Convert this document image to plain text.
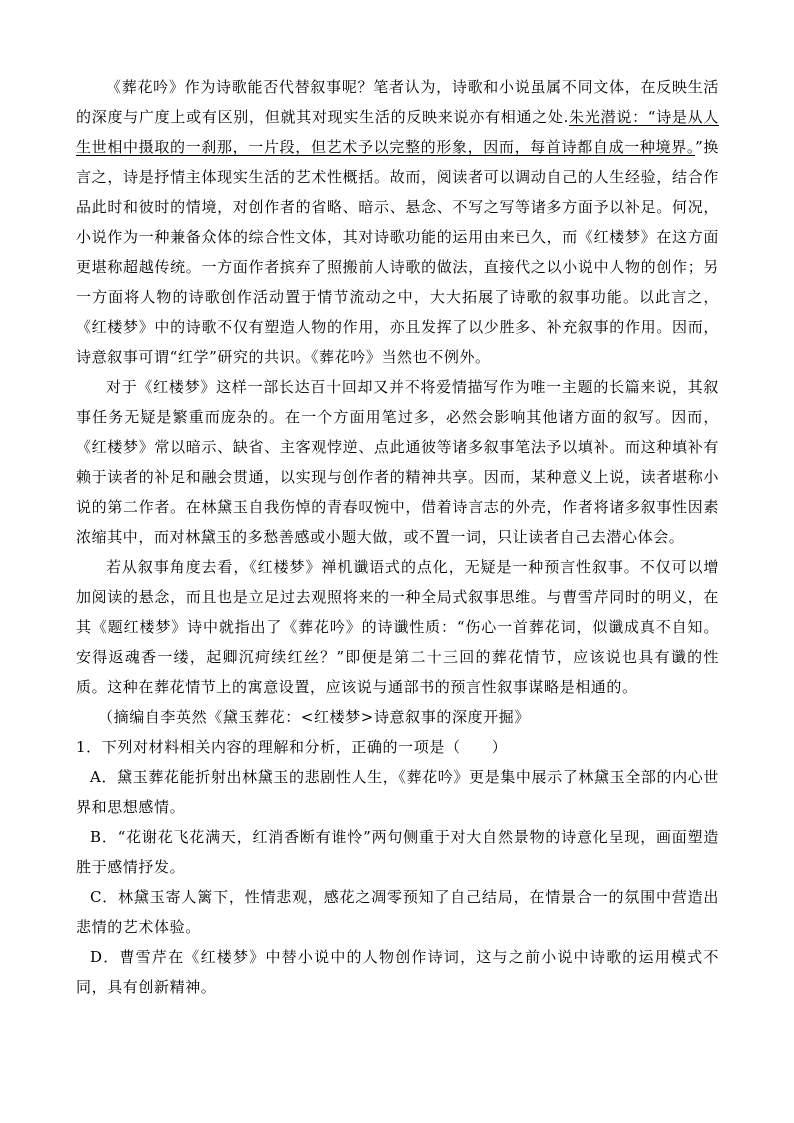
《葬花吟》作为诗歌能否代替叙事呢？笔者认为，诗歌和小说虽属不同文体，在反映生活的深度与广度上或有区别，但就其对现实生活的反映来说亦有相通之处.朱光潜说：“诗是从人生世相中摄取的一刹那，一片段，但艺术予以完整的形象，因而，每首诗都自成一种境界。”换言之，诗是抒情主体现实生活的艺术性概括。故而，阅读者可以调动自己的人生经验，结合作品此时和彼时的情境，对创作者的省略、暗示、悬念、不写之写等诸多方面予以补足。何况，小说作为一种兼备众体的综合性文体，其对诗歌功能的运用由来已久，而《红楼梦》在这方面更堪称超越传统。一方面作者摈弃了照搬前人诗歌的做法，直接代之以小说中人物的创作；另一方面将人物的诗歌创作活动置于情节流动之中，大大拓展了诗歌的叙事功能。以此言之，《红楼梦》中的诗歌不仅有塑造人物的作用，亦且发挥了以少胜多、补充叙事的作用。因而，诗意叙事可谓“红学”研究的共识。《葬花吟》当然也不例外。

对于《红楼梦》这样一部长达百十回却又并不将爱情描写作为唯一主题的长篇来说，其叙事任务无疑是繁重而庞杂的。在一个方面用笔过多，必然会影响其他诸方面的叙写。因而，《红楼梦》常以暗示、缺省、主客观悖逆、点此通彼等诸多叙事笔法予以填补。而这种填补有赖于读者的补足和融会贯通，以实现与创作者的精神共享。因而，某种意义上说，读者堪称小说的第二作者。在林黛玉自我伤悼的青春叹惋中，借着诗言志的外壳，作者将诸多叙事性因素浓缩其中，而对林黛玉的多愁善感或小题大做，或不置一词，只让读者自己去潜心体会。

若从叙事角度去看，《红楼梦》禅机谶语式的点化，无疑是一种预言性叙事。不仅可以增加阅读的悬念，而且也是立足过去观照将来的一种全局式叙事思维。与曹雪芹同时的明义，在其《题红楼梦》诗中就指出了《葬花吟》的诗谶性质：“伤心一首葬花词，似谶成真不自知。安得返魂香一缕，起卿沉疴续红丝？”即便是第二十三回的葬花情节，应该说也具有谶的性质。这种在葬花情节上的寓意设置，应该说与通部书的预言性叙事谋略是相通的。

（摘编自李英然《黛玉葬花：<红楼梦>诗意叙事的深度开掘》

1．下列对材料相关内容的理解和分析，正确的一项是（　　）

A．黛玉葬花能折射出林黛玉的悲剧性人生，《葬花吟》更是集中展示了林黛玉全部的内心世界和思想感情。

B．“花谢花飞花满天，红消香断有谁怜”两句侧重于对大自然景物的诗意化呈现，画面塑造胜于感情抒发。

C．林黛玉寄人篱下，性情悲观，感花之凋零预知了自己结局，在情景合一的氛围中营造出悲情的艺术体验。

D．曹雪芹在《红楼梦》中替小说中的人物创作诗词，这与之前小说中诗歌的运用模式不同，具有创新精神。
